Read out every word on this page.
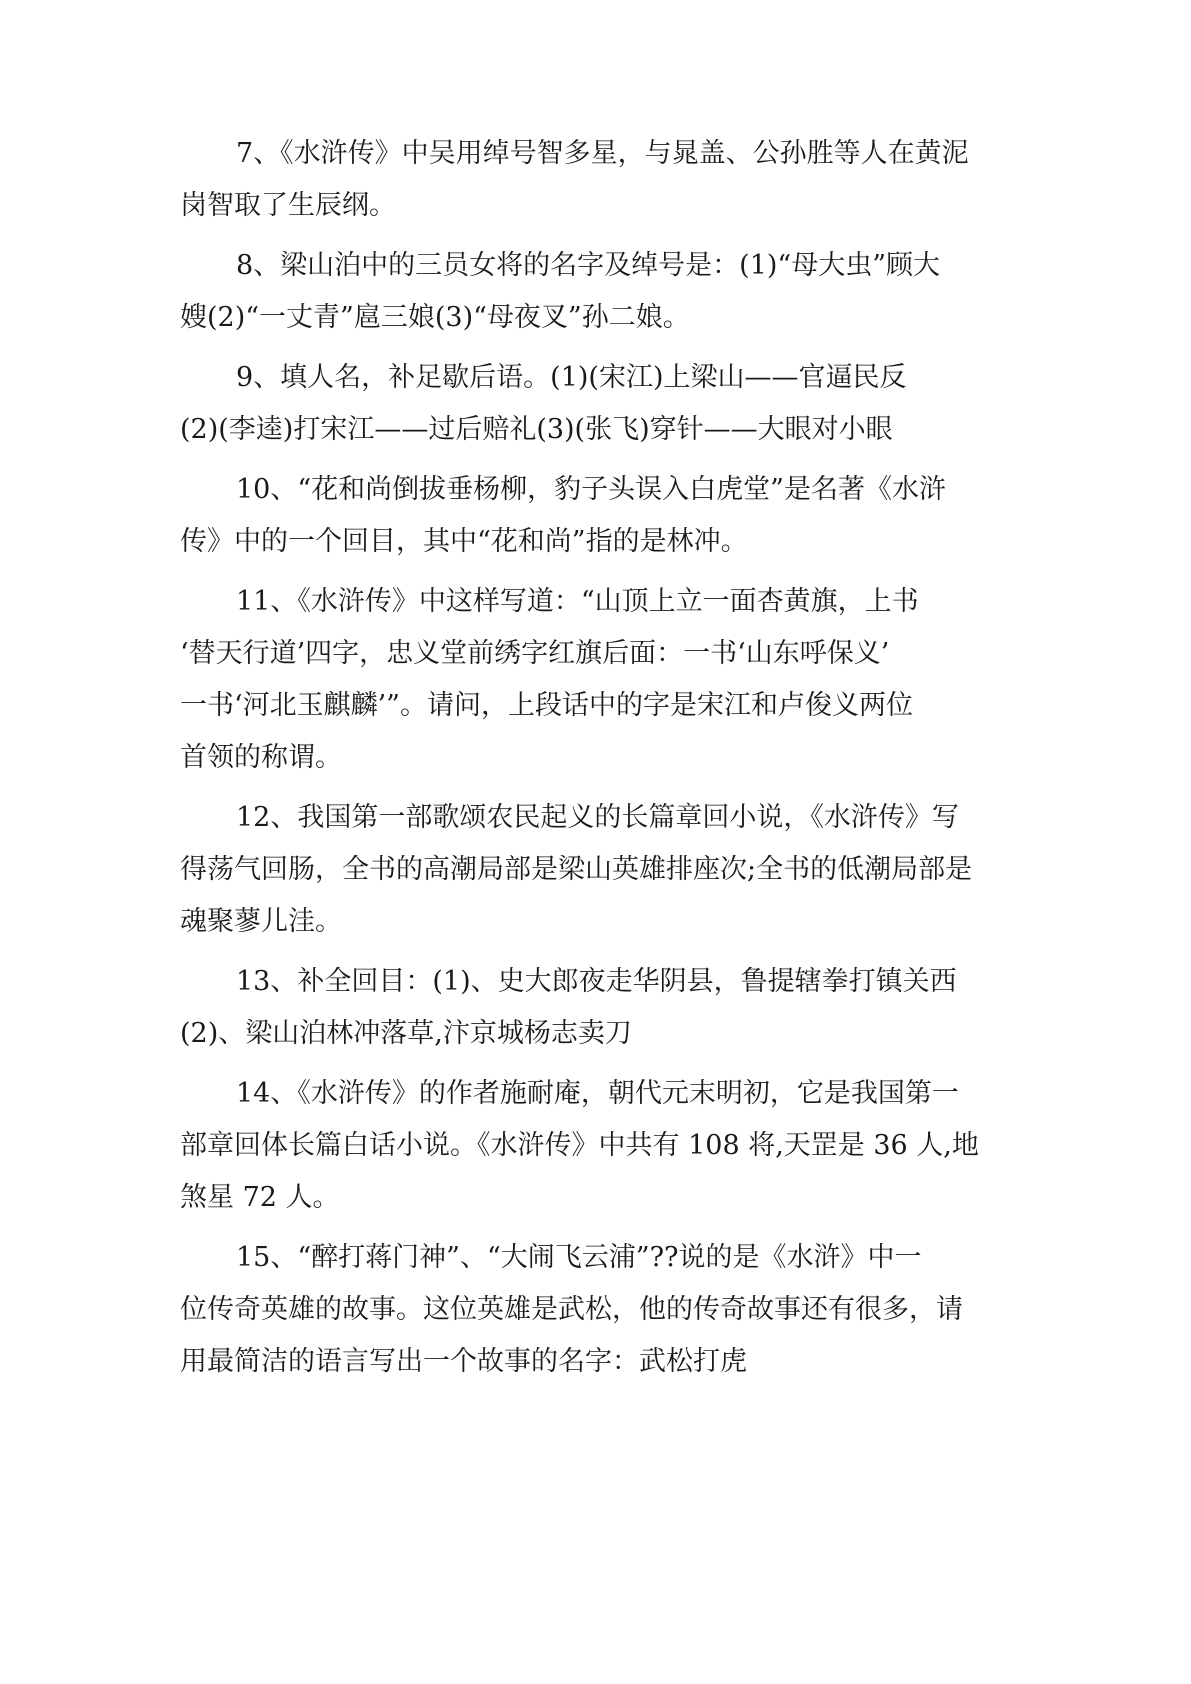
7、《水浒传》中吴用绰号智多星，与晁盖、公孙胜等人在黄泥
岗智取了生辰纲。
8、梁山泊中的三员女将的名字及绰号是：(1)“母大虫”顾大
嫂(2)“一丈青”扈三娘(3)“母夜叉”孙二娘。
9、填人名，补足歇后语。(1)(宋江)上梁山——官逼民反
(2)(李逵)打宋江——过后赔礼(3)(张飞)穿针——大眼对小眼
10、“花和尚倒拔垂杨柳，豹子头误入白虎堂”是名著《水浒
传》中的一个回目，其中“花和尚”指的是林冲。
11、《水浒传》中这样写道：“山顶上立一面杏黄旗，上书
‘替天行道’四字，忠义堂前绣字红旗后面：一书‘山东呼保义’
一书‘河北玉麒麟’”。请问，上段话中的字是宋江和卢俊义两位
首领的称谓。
12、我国第一部歌颂农民起义的长篇章回小说，《水浒传》写
得荡气回肠，全书的高潮局部是梁山英雄排座次;全书的低潮局部是
魂聚蓼儿洼。
13、补全回目：(1)、史大郎夜走华阴县，鲁提辖拳打镇关西
(2)、梁山泊林冲落草,汴京城杨志卖刀
14、《水浒传》的作者施耐庵，朝代元末明初，它是我国第一
部章回体长篇白话小说。《水浒传》中共有 108 将,天罡是 36 人,地
煞星 72 人。
15、“醉打蒋门神”、“大闹飞云浦”??说的是《水浒》中一
位传奇英雄的故事。这位英雄是武松，他的传奇故事还有很多，请
用最简洁的语言写出一个故事的名字：武松打虎
